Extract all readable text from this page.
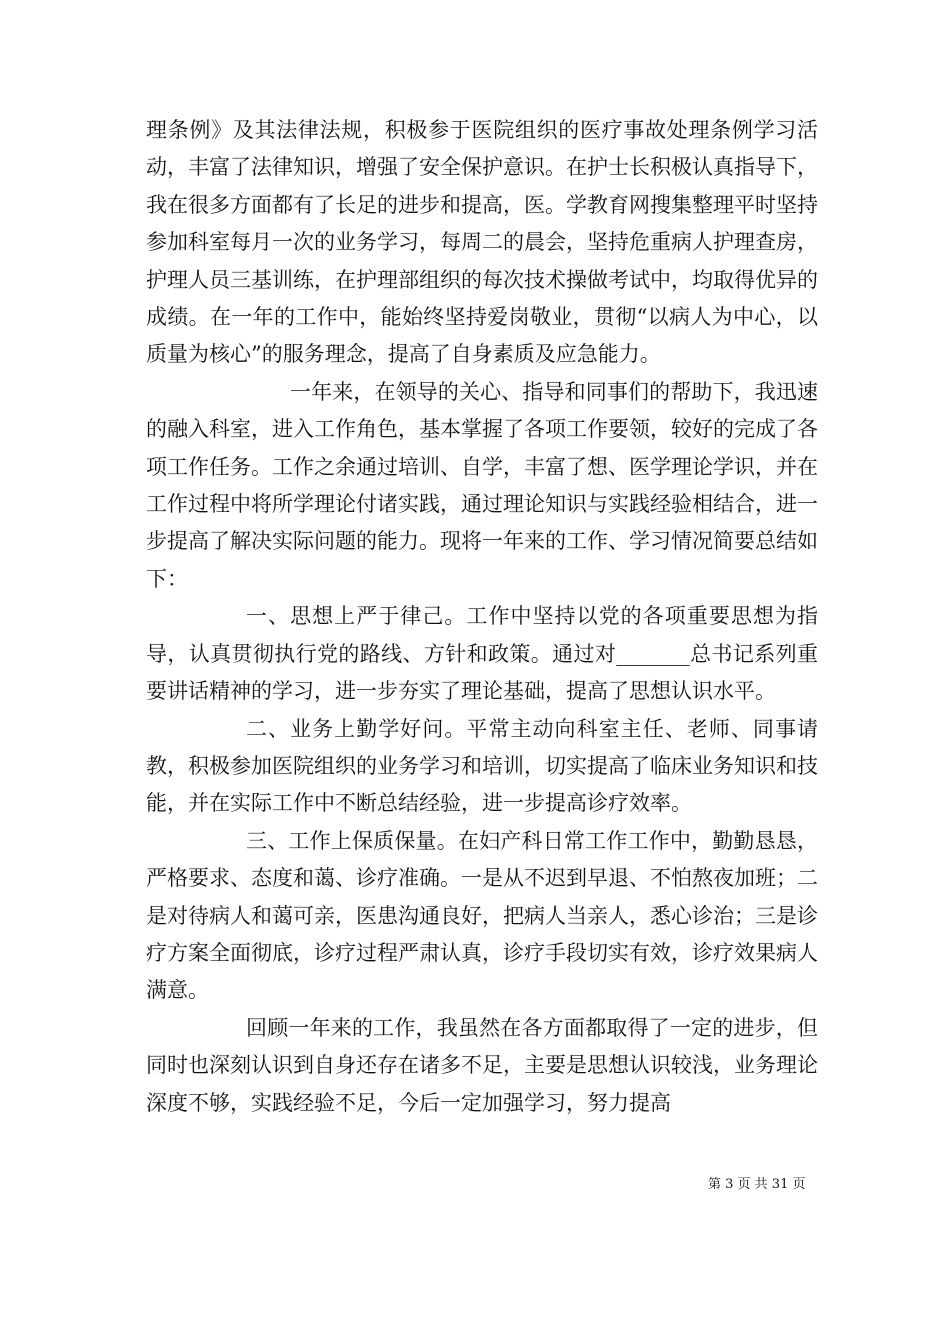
理条例》及其法律法规，积极参于医院组织的医疗事故处理条例学习活动，丰富了法律知识，增强了安全保护意识。在护士长积极认真指导下，我在很多方面都有了长足的进步和提高，医。学教育网搜集整理平时坚持参加科室每月一次的业务学习，每周二的晨会，坚持危重病人护理查房，护理人员三基训练，在护理部组织的每次技术操做考试中，均取得优异的成绩。在一年的工作中，能始终坚持爱岗敬业，贯彻“以病人为中心，以质量为核心”的服务理念，提高了自身素质及应急能力。

一年来，在领导的关心、指导和同事们的帮助下，我迅速的融入科室，进入工作角色，基本掌握了各项工作要领，较好的完成了各项工作任务。工作之余通过培训、自学，丰富了想、医学理论学识，并在工作过程中将所学理论付诸实践，通过理论知识与实践经验相结合，进一步提高了解决实际问题的能力。现将一年来的工作、学习情况简要总结如下：

一、思想上严于律己。工作中坚持以党的各项重要思想为指导，认真贯彻执行党的路线、方针和政策。通过对_______总书记系列重要讲话精神的学习，进一步夯实了理论基础，提高了思想认识水平。

二、业务上勤学好问。平常主动向科室主任、老师、同事请教，积极参加医院组织的业务学习和培训，切实提高了临床业务知识和技能，并在实际工作中不断总结经验，进一步提高诊疗效率。

三、工作上保质保量。在妇产科日常工作工作中，勤勤恳恳，严格要求、态度和蔼、诊疗准确。一是从不迟到早退、不怕熬夜加班；二是对待病人和蔼可亲，医患沟通良好，把病人当亲人，悉心诊治；三是诊疗方案全面彻底，诊疗过程严肃认真，诊疗手段切实有效，诊疗效果病人满意。

回顾一年来的工作，我虽然在各方面都取得了一定的进步，但同时也深刻认识到自身还存在诸多不足，主要是思想认识较浅，业务理论深度不够，实践经验不足，今后一定加强学习，努力提高

第 3 页 共 31 页
